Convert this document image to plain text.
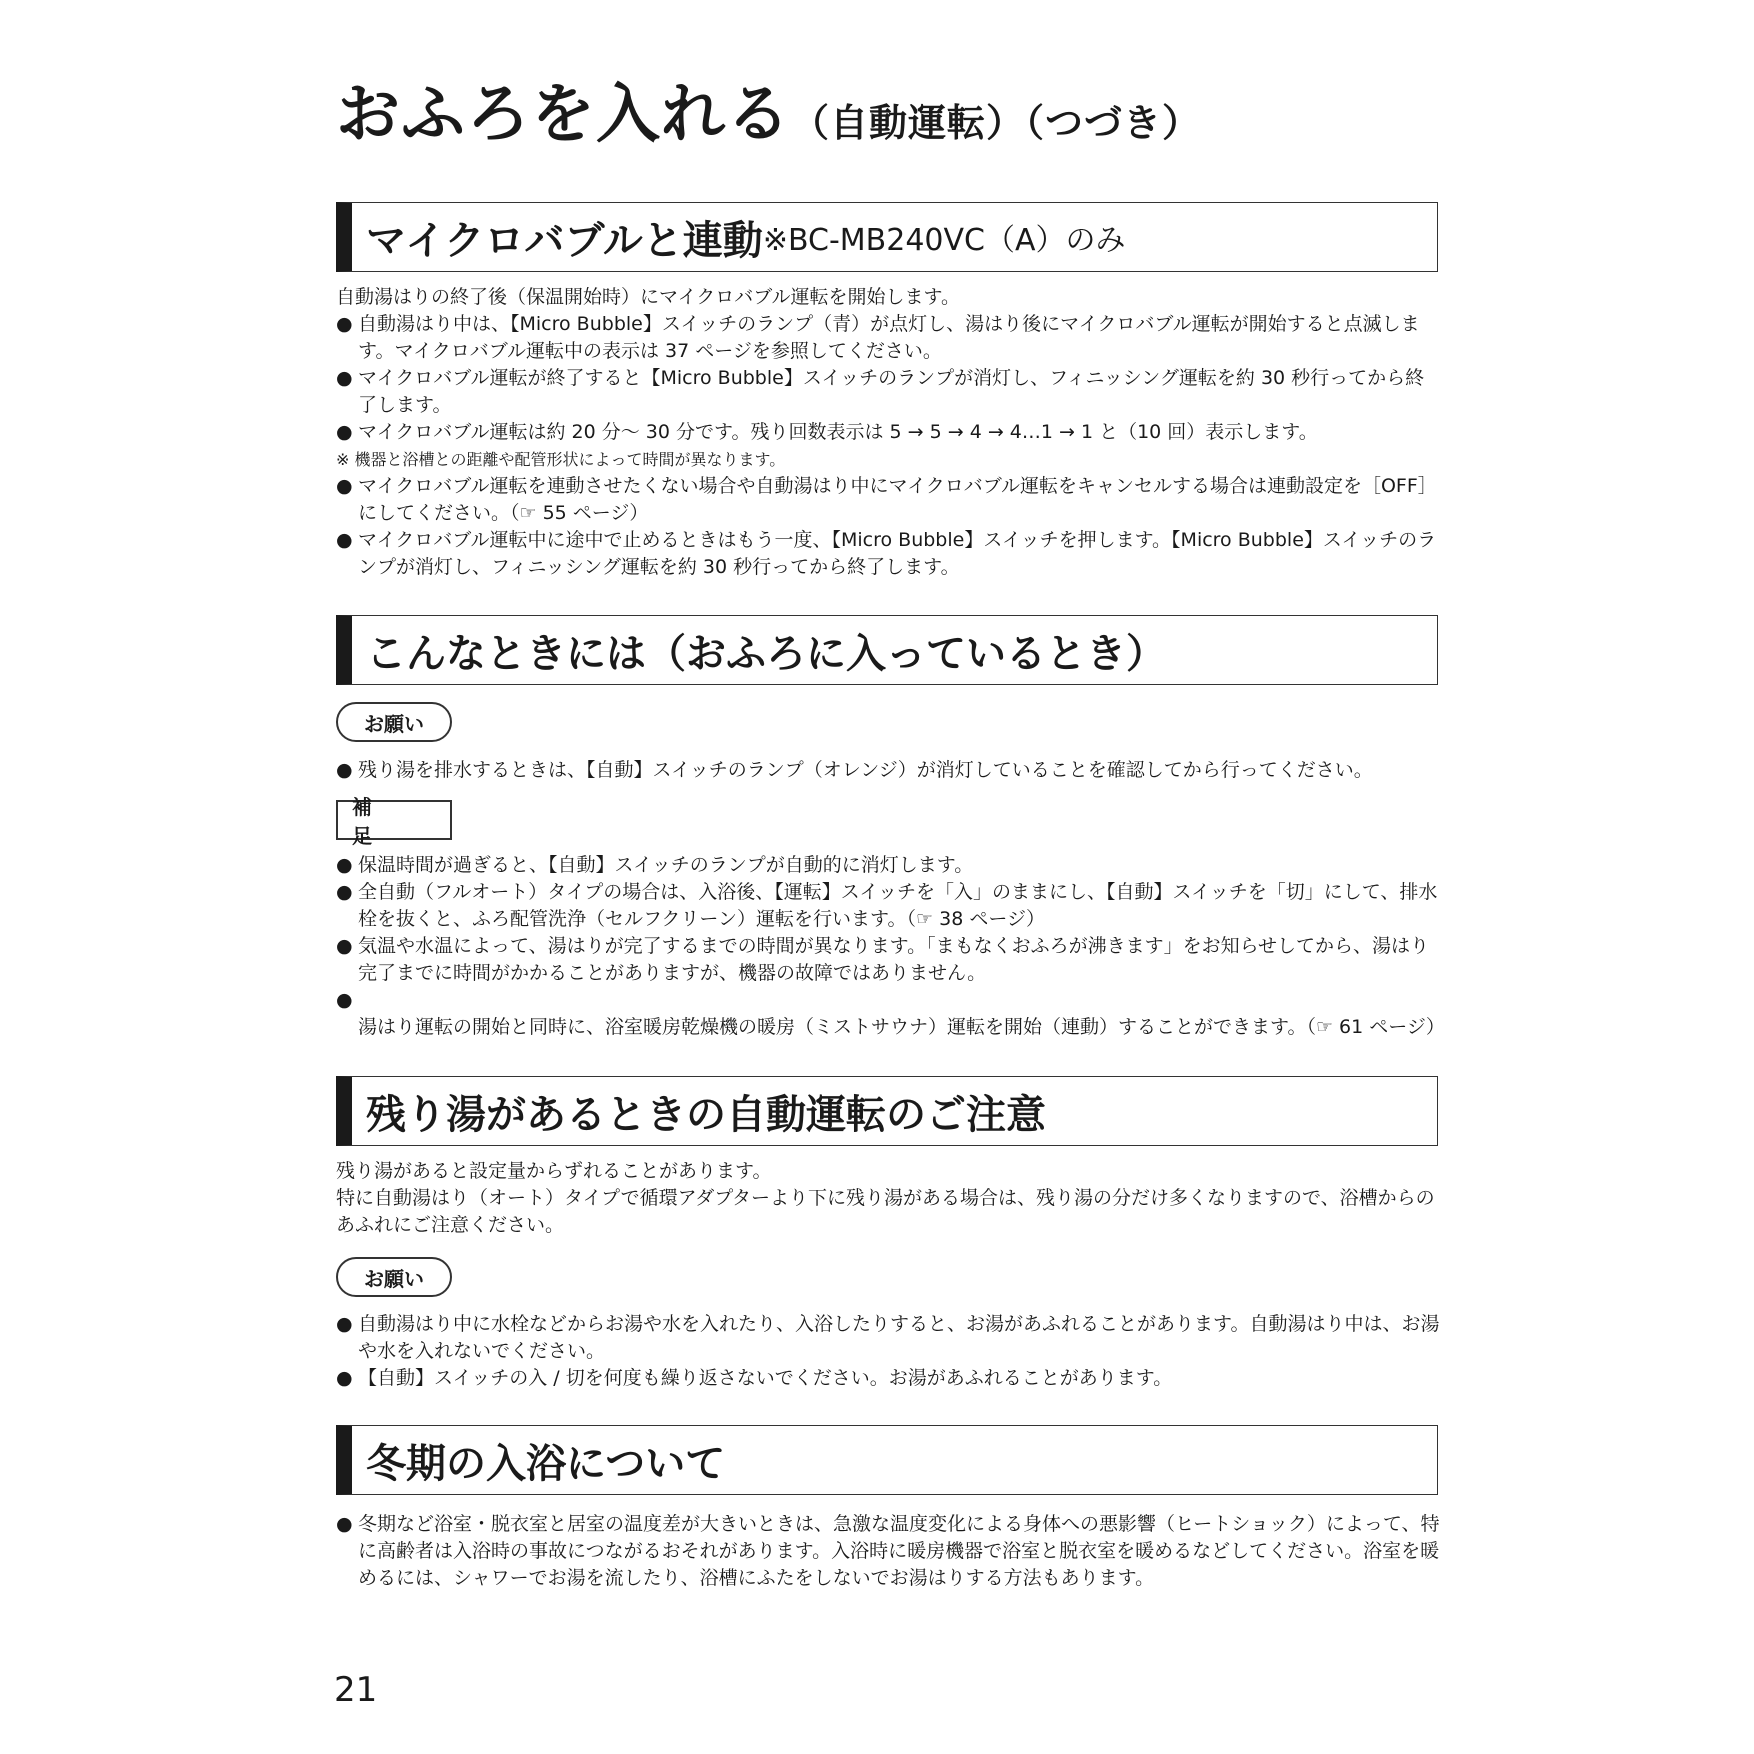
おふろを入れる（自動運転）（つづき）
マイクロバブルと連動 ※BC-MB240VC（A）のみ

自動湯はりの終了後（保温開始時）にマイクロバブル運転を開始します。

● 自動湯はり中は、【Micro Bubble】スイッチのランプ（青）が点灯し、湯はり後にマイクロバブル運転が開始すると点滅します。マイクロバブル運転中の表示は 37 ページを参照してください。

● マイクロバブル運転が終了すると【Micro Bubble】スイッチのランプが消灯し、フィニッシング運転を約 30 秒行ってから終了します。

● マイクロバブル運転は約 20 分～ 30 分です。残り回数表示は 5 → 5 → 4 → 4…1 → 1 と（10 回）表示します。

※ 機器と浴槽との距離や配管形状によって時間が異なります。

● マイクロバブル運転を連動させたくない場合や自動湯はり中にマイクロバブル運転をキャンセルする場合は連動設定を［OFF］にしてください。（☞ 55 ページ）

● マイクロバブル運転中に途中で止めるときはもう一度、【Micro Bubble】スイッチを押します。【Micro Bubble】スイッチのランプが消灯し、フィニッシング運転を約 30 秒行ってから終了します。

こんなときには（おふろに入っているとき）
お願い

● 残り湯を排水するときは、【自動】スイッチのランプ（オレンジ）が消灯していることを確認してから行ってください。

補　足

● 保温時間が過ぎると、【自動】スイッチのランプが自動的に消灯します。

● 全自動（フルオート）タイプの場合は、入浴後、【運転】スイッチを「入」のままにし、【自動】スイッチを「切」にして、排水栓を抜くと、ふろ配管洗浄（セルフクリーン）運転を行います。（☞ 38 ページ）

● 気温や水温によって、湯はりが完了するまでの時間が異なります。「まもなくおふろが沸きます」をお知らせしてから、湯はり完了までに時間がかかることがありますが、機器の故障ではありません。

●湯はり運転の開始と同時に、浴室暖房乾燥機の暖房（ミストサウナ）運転を開始（連動）することができます。（☞ 61 ページ）

残り湯があるときの自動運転のご注意

残り湯があると設定量からずれることがあります。

特に自動湯はり（オート）タイプで循環アダプターより下に残り湯がある場合は、残り湯の分だけ多くなりますので、浴槽からのあふれにご注意ください。

お願い

● 自動湯はり中に水栓などからお湯や水を入れたり、入浴したりすると、お湯があふれることがあります。自動湯はり中は、お湯や水を入れないでください。

● 【自動】スイッチの入 / 切を何度も繰り返さないでください。お湯があふれることがあります。

冬期の入浴について

● 冬期など浴室・脱衣室と居室の温度差が大きいときは、急激な温度変化による身体への悪影響（ヒートショック）によって、特に高齢者は入浴時の事故につながるおそれがあります。入浴時に暖房機器で浴室と脱衣室を暖めるなどしてください。浴室を暖めるには、シャワーでお湯を流したり、浴槽にふたをしないでお湯はりする方法もあります。

21
